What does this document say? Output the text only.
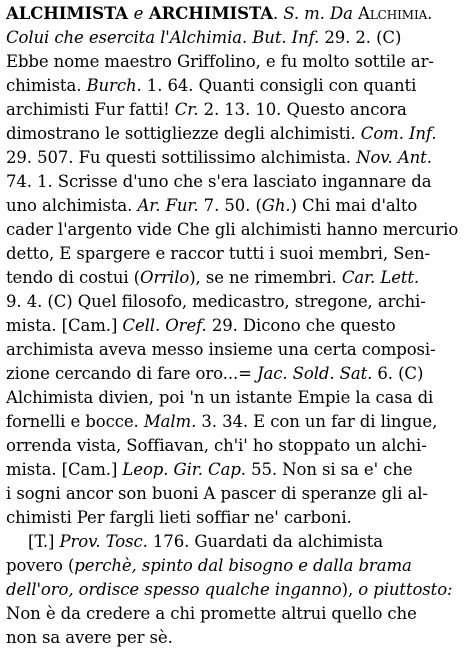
ALCHIMISTA e ARCHIMISTA. S. m. Da Alchimia.
Colui che esercita l'Alchimia. But. Inf. 29. 2. (C)
Ebbe nome maestro Griffolino, e fu molto sottile ar-
chimista. Burch. 1. 64. Quanti consigli con quanti
archimisti Fur fatti! Cr. 2. 13. 10. Questo ancora
dimostrano le sottigliezze degli alchimisti. Com. Inf.
29. 507. Fu questi sottilissimo alchimista. Nov. Ant.
74. 1. Scrisse d'uno che s'era lasciato ingannare da
uno alchimista. Ar. Fur. 7. 50. (Gh.) Chi mai d'alto
cader l'argento vide Che gli alchimisti hanno mercurio
detto, E spargere e raccor tutti i suoi membri, Sen-
tendo di costui (Orrilo), se ne rimembri. Car. Lett.
9. 4. (C) Quel filosofo, medicastro, stregone, archi-
mista. [Cam.] Cell. Oref. 29. Dicono che questo
archimista aveva messo insieme una certa composi-
zione cercando di fare oro...= Jac. Sold. Sat. 6. (C)
Alchimista divien, poi 'n un istante Empie la casa di
fornelli e bocce. Malm. 3. 34. E con un far di lingue,
orrenda vista, Soffiavan, ch'i' ho stoppato un alchi-
mista. [Cam.] Leop. Gir. Cap. 55. Non si sa e' che
i sogni ancor son buoni A pascer di speranze gli al-
chimisti Per fargli lieti soffiar ne' carboni.
[T.] Prov. Tosc. 176. Guardati da alchimista
povero (perchè, spinto dal bisogno e dalla brama
dell'oro, ordisce spesso qualche inganno), o piuttosto:
Non è da credere a chi promette altrui quello che
non sa avere per sè.
